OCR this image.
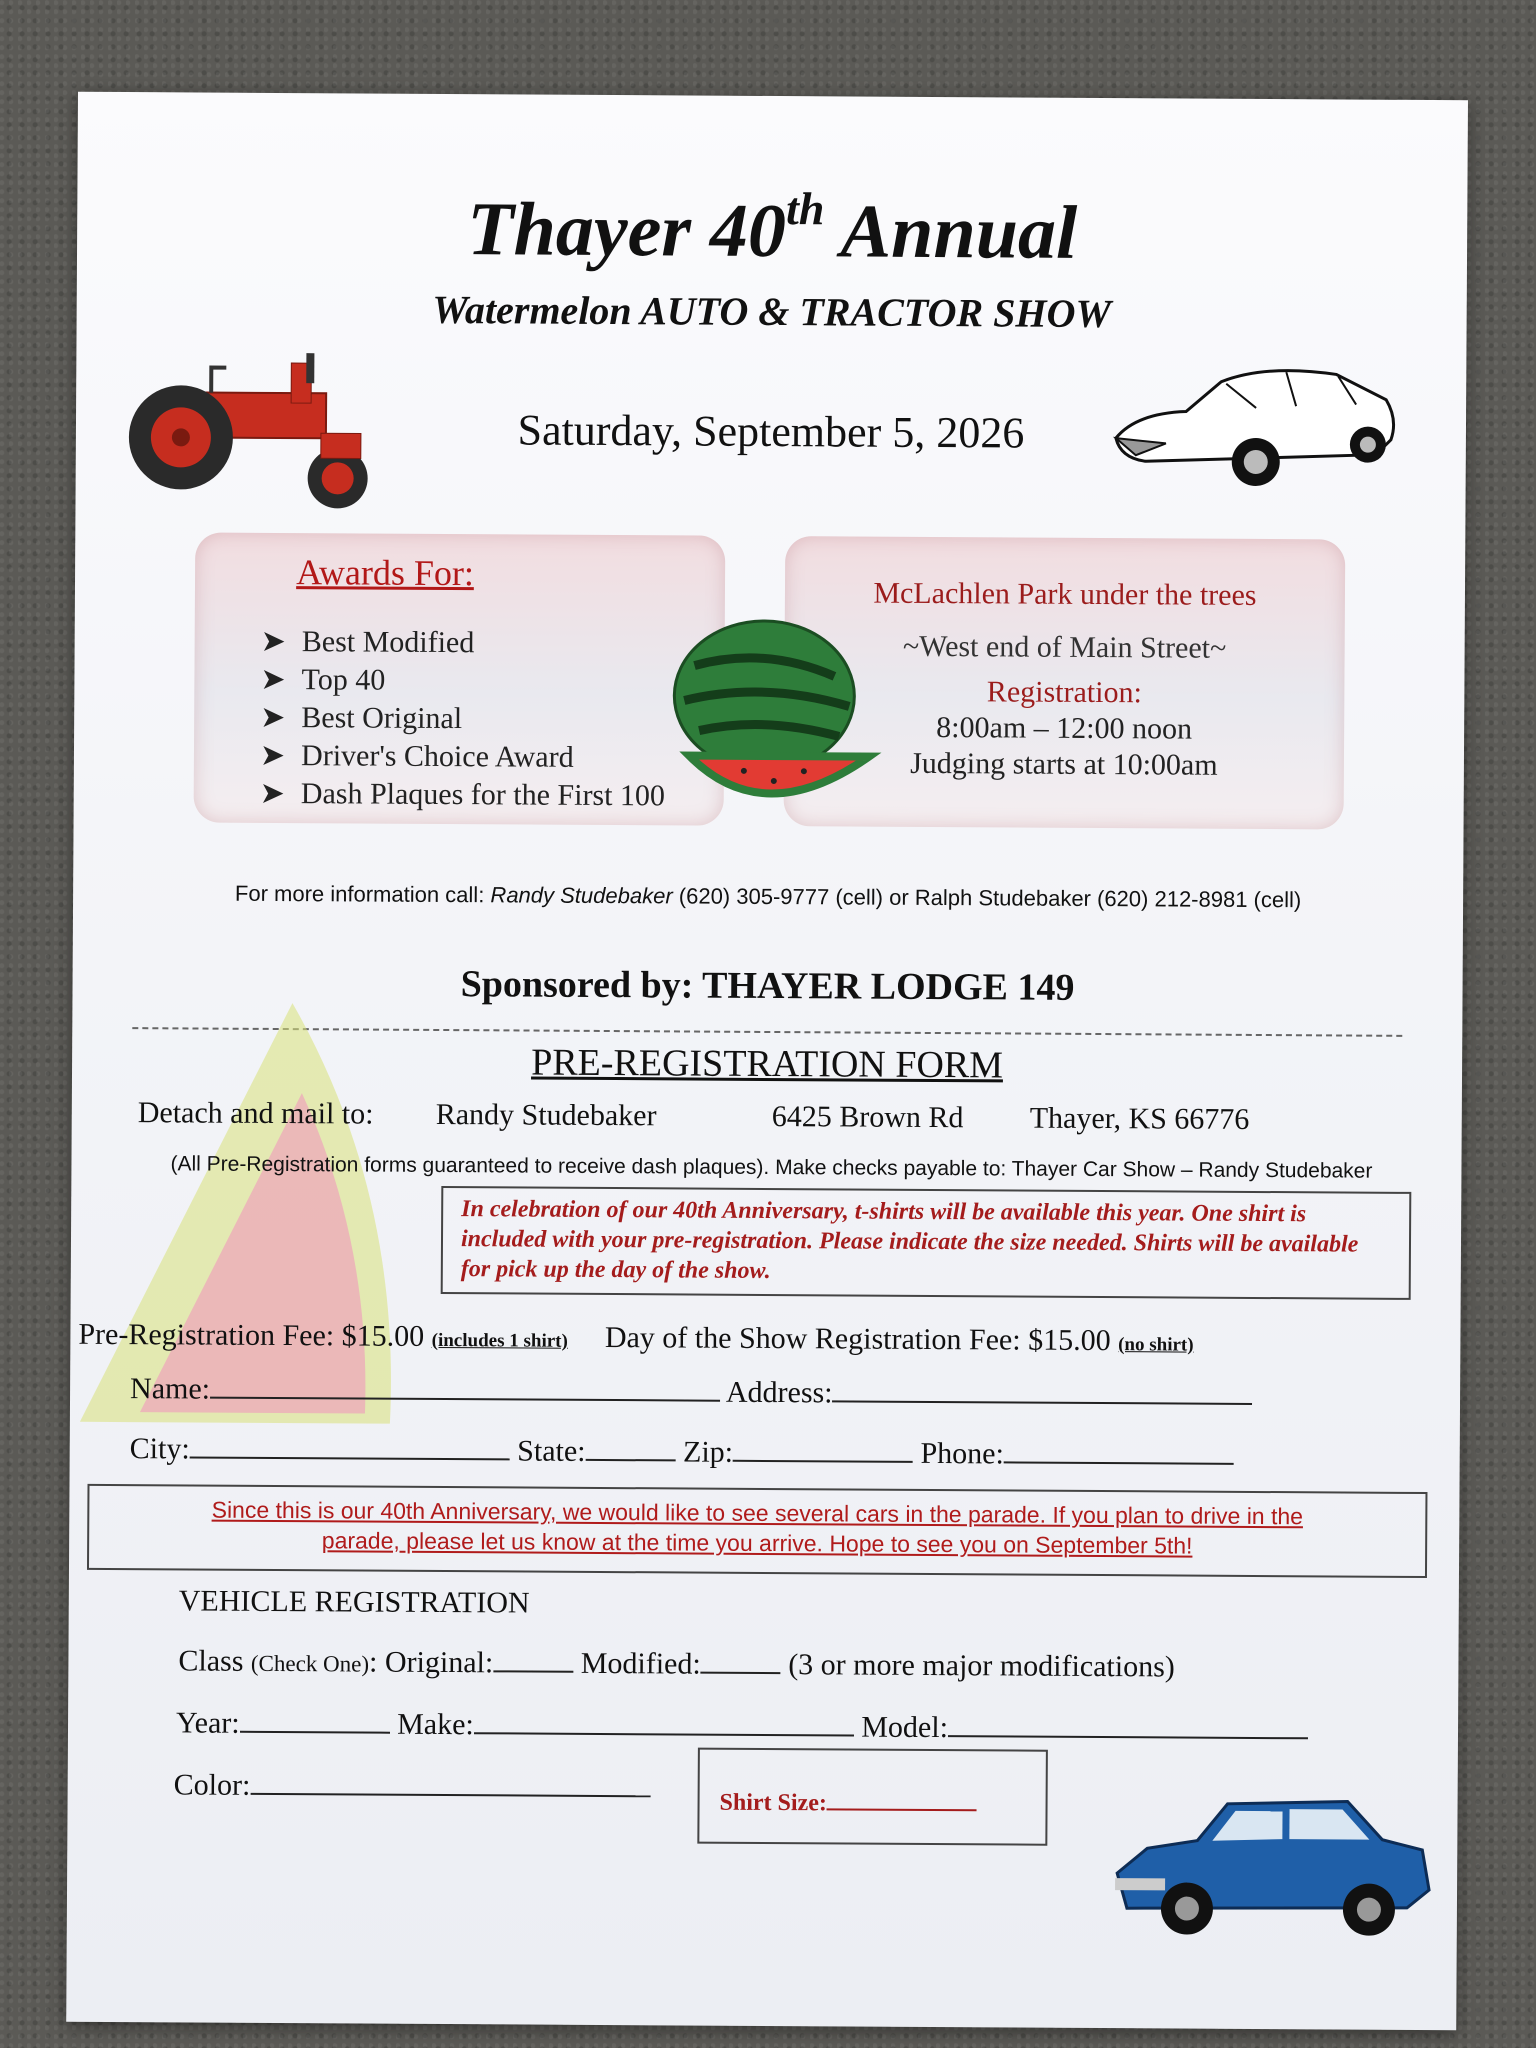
Thayer 40th Annual
Watermelon AUTO & TRACTOR SHOW
Saturday, September 5, 2026
Awards For:
➤ Best Modified
➤ Top 40
➤ Best Original
➤ Driver's Choice Award
➤ Dash Plaques for the First 100
McLachlen Park under the trees
~West end of Main Street~
Registration:
8:00am – 12:00 noon
Judging starts at 10:00am
For more information call: Randy Studebaker (620) 305-9777 (cell) or Ralph Studebaker (620) 212-8981 (cell)
Sponsored by: THAYER LODGE 149
PRE-REGISTRATION FORM
Detach and mail to: Randy Studebaker	6425 Brown Rd Thayer, KS 66776
(All Pre-Registration forms guaranteed to receive dash plaques). Make checks payable to: Thayer Car Show – Randy Studebaker
In celebration of our 40th Anniversary, t-shirts will be available this year. One shirt is included with your pre-registration. Please indicate the size needed. Shirts will be available for pick up the day of the show.
Pre-Registration Fee: $15.00 (includes 1 shirt) Day of the Show Registration Fee: $15.00 (no shirt)
Name:	Address:
City:	State:	Zip:	Phone:
Since this is our 40th Anniversary, we would like to see several cars in the parade. If you plan to drive in the
parade, please let us know at the time you arrive. Hope to see you on September 5th!
VEHICLE REGISTRATION
Class (Check One): Original:	Modified:	(3 or more major modifications)
Year:	Make:	Model:
Color:
Shirt Size:
